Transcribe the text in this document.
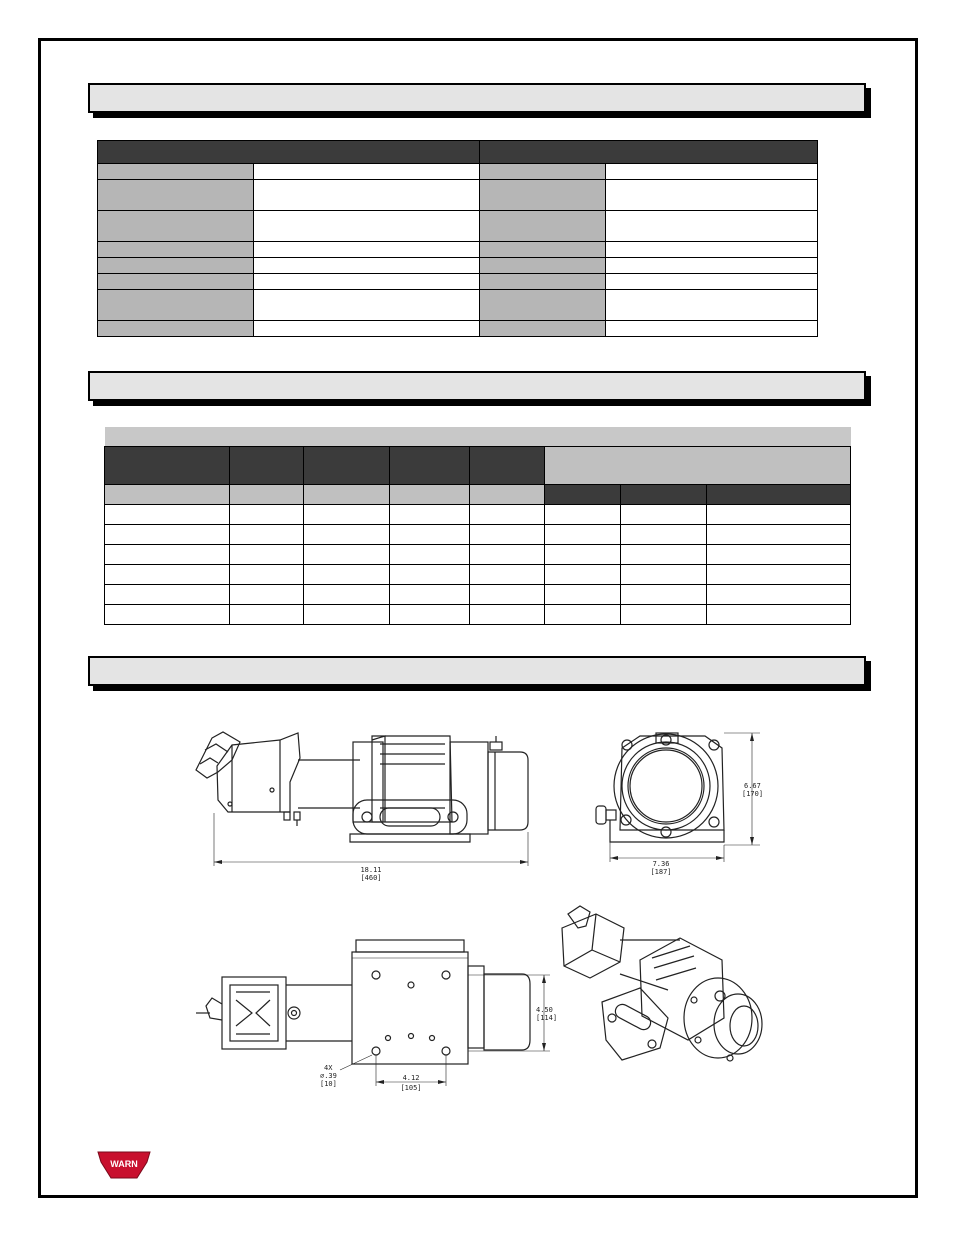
18.11
[460]
6.67
[170]
7.36
[187]
4.50
[114]
4.12
[105]
4X
⌀.39
[10]
WARN
